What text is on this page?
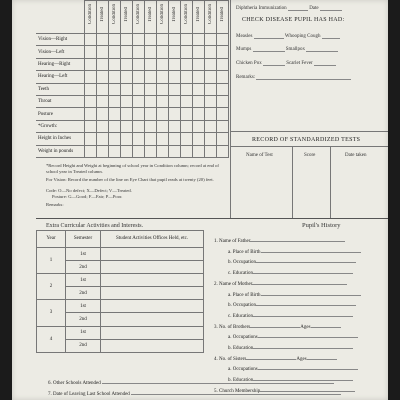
	Condition	Treated	Condition	Treated	Condition	Treated	Condition	Treated	Condition	Treated	Condition	Treated
Vision—Right												
Vision—Left												
Hearing—Right												
Hearing—Left												
Teeth												
Throat												
Posture												
*Growth:												
Height in Inches												
Weight in pounds												
*Record Height and Weight at beginning of school year in Condition column; record at end of school year in Treated column.
For Vision: Record the number of the line on Eye Chart that pupil reads at twenty (20) feet.
Code: O—No defect; X—Defect; V—Treated.
Posture: G—Good; F—Fair; P—Poor.
Remarks:
Diphtheria Immunization	Date
CHECK DISEASE PUPIL HAS HAD:
Measles	Whooping Cough
Mumps	Smallpox
Chicken Pox	Scarlet Fever
Remarks:
RECORD OF STANDARDIZED TESTS
Name of Test	Score	Date taken
Extra Curricular Activities and Interests.
Year	Semester	Student Activities Offices Held, etc.
1	1st	
	2nd	
2	1st	
	2nd	
3	1st	
	2nd	
4	1st	
	2nd	
Pupil's History
1. Name of Father
a. Place of Birth
b. Occupation
c. Education
2. Name of Mother
a. Place of Birth
b. Occupation
c. Education
3. No. of Brothers	Ages
a. Occupations
b. Education
4. No. of Sisters	Ages
a. Occupations
b. Education
5. Church Membership
6. Other Schools Attended
7. Date of Leaving Last School Attended
